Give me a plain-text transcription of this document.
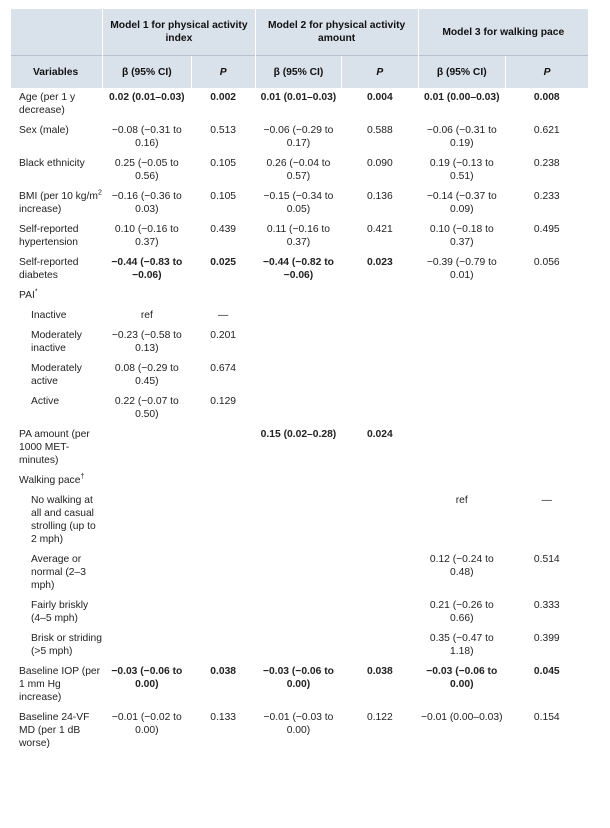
	Model 1 for physical activity index		Model 2 for physical activity amount		Model 3 for walking pace	
Variables	β (95% CI)	P	β (95% CI)	P	β (95% CI)	P
Age (per 1 y decrease)	0.02 (0.01–0.03)	0.002	0.01 (0.01–0.03)	0.004	0.01 (0.00–0.03)	0.008
Sex (male)	−0.08 (−0.31 to 0.16)	0.513	−0.06 (−0.29 to 0.17)	0.588	−0.06 (−0.31 to 0.19)	0.621
Black ethnicity	0.25 (−0.05 to 0.56)	0.105	0.26 (−0.04 to 0.57)	0.090	0.19 (−0.13 to 0.51)	0.238
BMI (per 10 $kg/m^2$ increase)	−0.16 (−0.36 to 0.03)	0.105	−0.15 (−0.34 to 0.05)	0.136	−0.14 (−0.37 to 0.09)	0.233
Self-reported hypertension	0.10 (−0.16 to 0.37)	0.439	0.11 (−0.16 to 0.37)	0.421	0.10 (−0.18 to 0.37)	0.495
Self-reported diabetes	−0.44 (−0.83 to −0.06)	0.025	−0.44 (−0.82 to −0.06)	0.023	−0.39 (−0.79 to 0.01)	0.056
PAI*						
Inactive	ref	—				
Moderately inactive	−0.23 (−0.58 to 0.13)	0.201				
Moderately active	0.08 (−0.29 to 0.45)	0.674				
Active	0.22 (−0.07 to 0.50)	0.129				
PA amount (per 1000 MET-minutes)			0.15 (0.02–0.28)	0.024		
Walking pace†						
No walking at all and casual strolling (up to 2 mph)					ref	—
Average or normal (2–3 mph)					0.12 (−0.24 to 0.48)	0.514
Fairly briskly (4–5 mph)					0.21 (−0.26 to 0.66)	0.333
Brisk or striding (>5 mph)					0.35 (−0.47 to 1.18)	0.399
Baseline IOP (per 1 mm Hg increase)	−0.03 (−0.06 to 0.00)	0.038	−0.03 (−0.06 to 0.00)	0.038	−0.03 (−0.06 to 0.00)	0.045
Baseline 24-VF MD (per 1 dB worse)	−0.01 (−0.02 to 0.00)	0.133	−0.01 (−0.03 to 0.00)	0.122	−0.01 (0.00–0.03)	0.154
